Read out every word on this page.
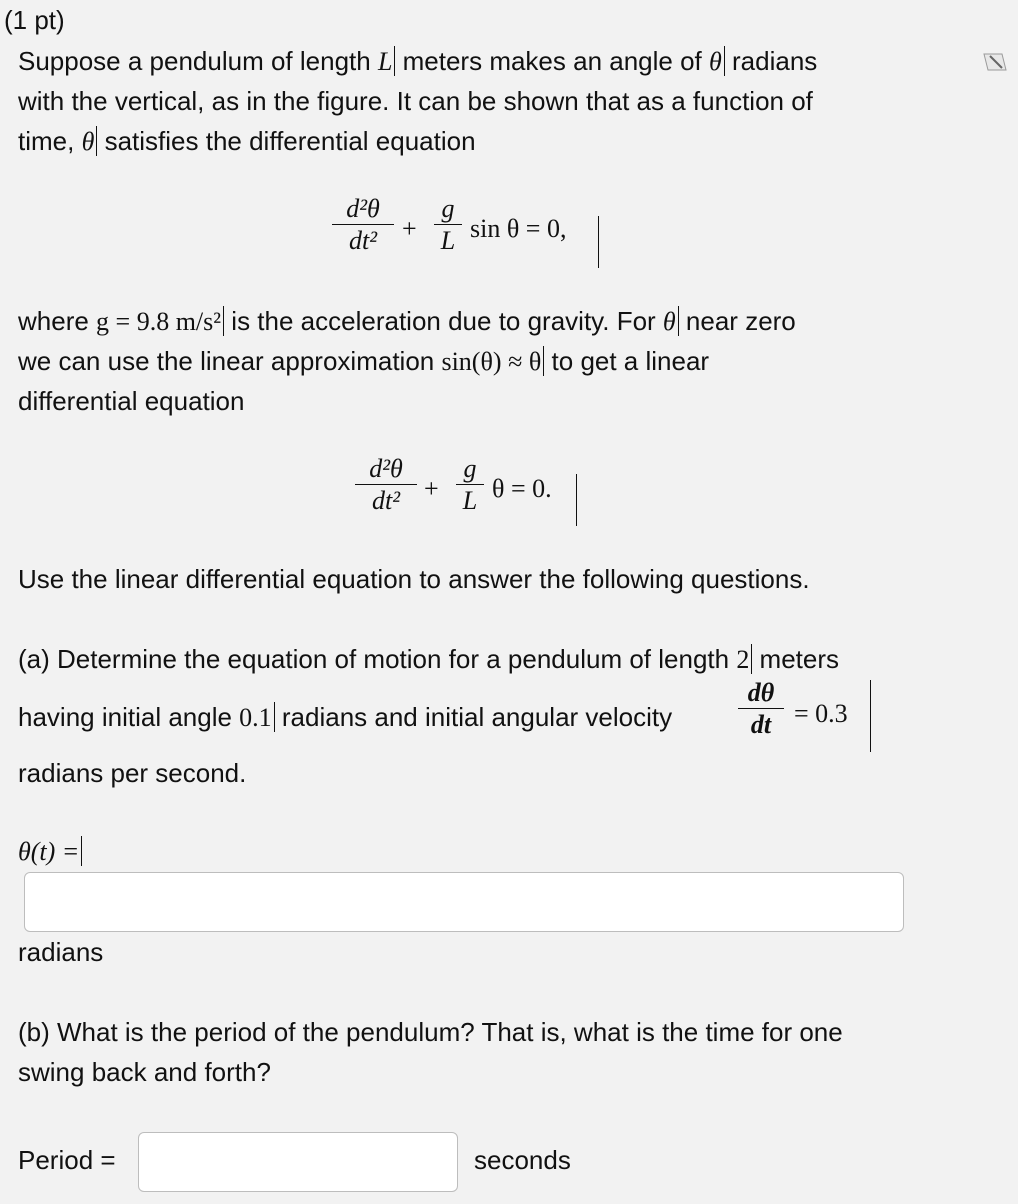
(1 pt)
Suppose a pendulum of length L meters makes an angle of θ radians
with the vertical, as in the figure. It can be shown that as a function of
time, θ satisfies the differential equation
d²θ
dt² +
g
L sin θ = 0,
where g = 9.8 m/s² is the acceleration due to gravity. For θ near zero
we can use the linear approximation sin(θ) ≈ θ to get a linear
differential equation
d²θ
dt² +
g
L θ = 0.
Use the linear differential equation to answer the following questions.
(a) Determine the equation of motion for a pendulum of length 2 meters
having initial angle 0.1 radians and initial angular velocity
dθ
dt = 0.3
radians per second.
θ(t) =
radians
(b) What is the period of the pendulum? That is, what is the time for one
swing back and forth?
Period =	seconds
